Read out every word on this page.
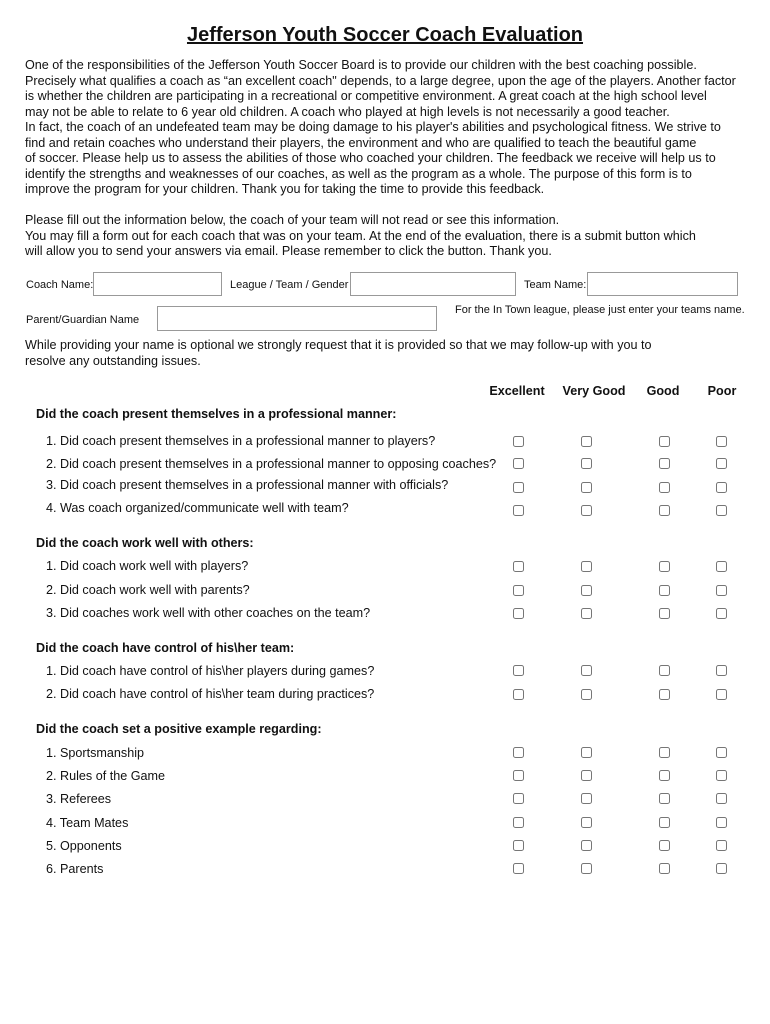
Jefferson Youth Soccer Coach Evaluation
One of the responsibilities of the Jefferson Youth Soccer Board is to provide our children with the best coaching possible.
Precisely what qualifies a coach as “an excellent coach" depends, to a large degree, upon the age of the players. Another factor
is whether the children are participating in a recreational or competitive environment. A great coach at the high school level
may not be able to relate to 6 year old children. A coach who played at high levels is not necessarily a good teacher.
In fact, the coach of an undefeated team may be doing damage to his player's abilities and psychological fitness. We strive to
find and retain coaches who understand their players, the environment and who are qualified to teach the beautiful game
of soccer. Please help us to assess the abilities of those who coached your children. The feedback we receive will help us to
identify the strengths and weaknesses of our coaches, as well as the program as a whole. The purpose of this form is to
improve the program for your children. Thank you for taking the time to provide this feedback.
Please fill out the information below, the coach of your team will not read or see this information.
You may fill a form out for each coach that was on your team. At the end of the evaluation, there is a submit button which
will allow you to send your answers via email. Please remember to click the button. Thank you.
Coach Name:	League / Team / Gender	Team Name:
Parent/Guardian Name
For the In Town league, please just enter your teams name.
While providing your name is optional we strongly request that it is provided so that we may follow-up with you to
resolve any outstanding issues.
Excellent	Very Good	Good	Poor
Did the coach present themselves in a professional manner:
1. Did coach present themselves in a professional manner to players?
2. Did coach present themselves in a professional manner to opposing coaches?
3. Did coach present themselves in a professional manner with officials?
4. Was coach organized/communicate well with team?
Did the coach work well with others:
1. Did coach work well with players?
2. Did coach work well with parents?
3. Did coaches work well with other coaches on the team?
Did the coach have control of his\her team:
1. Did coach have control of his\her players during games?
2. Did coach have control of his\her team during practices?
Did the coach set a positive example regarding:
1. Sportsmanship
2. Rules of the Game
3. Referees
4. Team Mates
5. Opponents
6. Parents
